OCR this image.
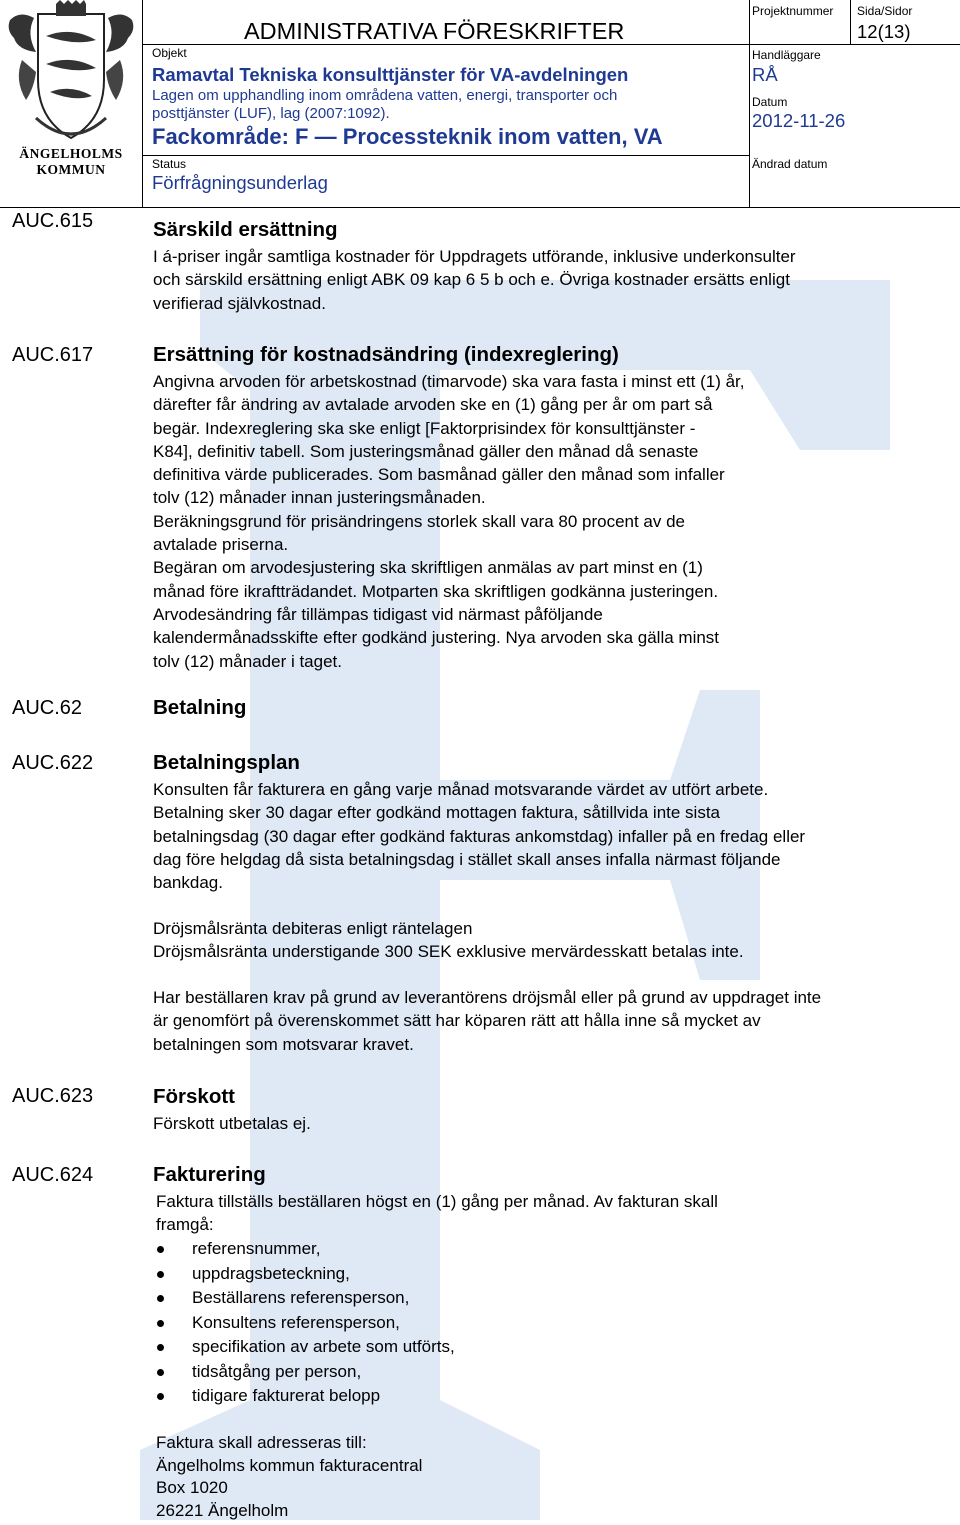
ÄNGELHOLMS
KOMMUN
ADMINISTRATIVA FÖRESKRIFTER
Projektnummer Sida/Sidor
12(13)
Objekt
Ramavtal Tekniska konsulttjänster för VA-avdelningen
Lagen om upphandling inom områdena vatten, energi, transporter och
posttjänster (LUF), lag (2007:1092).
Fackområde: F — Processteknik inom vatten, VA
Status
Förfrågningsunderlag
Handläggare
RÅ
Datum
2012-11-26
Ändrad datum
AUC.615	Särskild ersättning
I á-priser ingår samtliga kostnader för Uppdragets utförande, inklusive underkonsulter
och särskild ersättning enligt ABK 09 kap 6 5 b och e. Övriga kostnader ersätts enligt
verifierad självkostnad.
AUC.617	Ersättning för kostnadsändring (indexreglering)
Angivna arvoden för arbetskostnad (timarvode) ska vara fasta i minst ett (1) år,
därefter får ändring av avtalade arvoden ske en (1) gång per år om part så
begär. Indexreglering ska ske enligt [Faktorprisindex för konsulttjänster -
K84], definitiv tabell. Som justeringsmånad gäller den månad då senaste
definitiva värde publicerades. Som basmånad gäller den månad som infaller
tolv (12) månader innan justeringsmånaden.
Beräkningsgrund för prisändringens storlek skall vara 80 procent av de
avtalade priserna.
Begäran om arvodesjustering ska skriftligen anmälas av part minst en (1)
månad före ikraftträdandet. Motparten ska skriftligen godkänna justeringen.
Arvodesändring får tillämpas tidigast vid närmast påföljande
kalendermånadsskifte efter godkänd justering. Nya arvoden ska gälla minst
tolv (12) månader i taget.
AUC.62	Betalning
AUC.622	Betalningsplan
Konsulten får fakturera en gång varje månad motsvarande värdet av utfört arbete.
Betalning sker 30 dagar efter godkänd mottagen faktura, såtillvida inte sista
betalningsdag (30 dagar efter godkänd fakturas ankomstdag) infaller på en fredag eller
dag före helgdag då sista betalningsdag i stället skall anses infalla närmast följande
bankdag.
Dröjsmålsränta debiteras enligt räntelagen
Dröjsmålsränta understigande 300 SEK exklusive mervärdesskatt betalas inte.
Har beställaren krav på grund av leverantörens dröjsmål eller på grund av uppdraget inte
är genomfört på överenskommet sätt har köparen rätt att hålla inne så mycket av
betalningen som motsvarar kravet.
AUC.623	Förskott
Förskott utbetalas ej.
AUC.624	Fakturering
Faktura tillställs beställaren högst en (1) gång per månad. Av fakturan skall
framgå:
referensnummer,
uppdragsbeteckning,
Beställarens referensperson,
Konsultens referensperson,
specifikation av arbete som utförts,
tidsåtgång per person,
tidigare fakturerat belopp
Faktura skall adresseras till:
Ängelholms kommun fakturacentral
Box 1020
26221 Ängelholm
